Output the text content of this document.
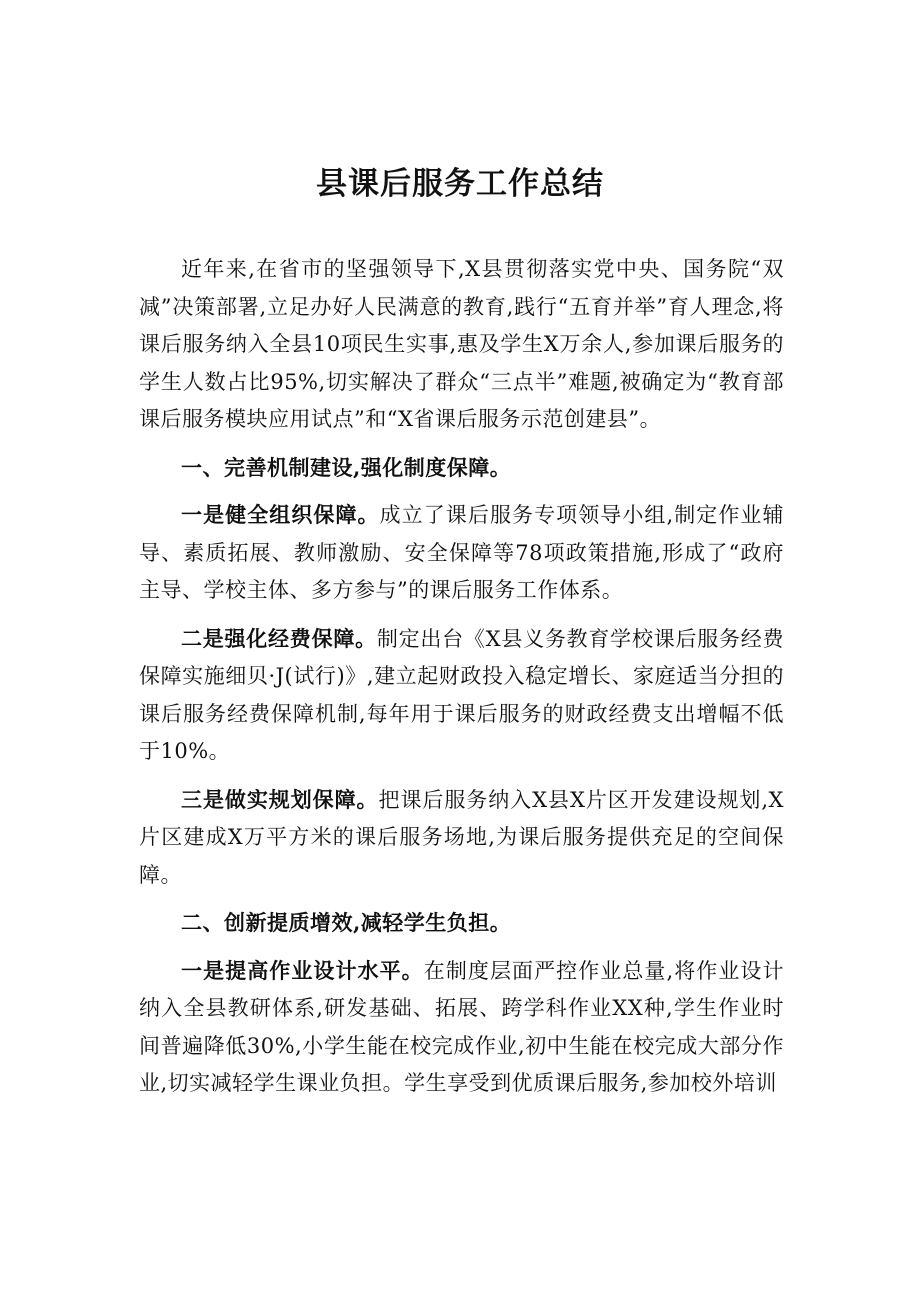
县课后服务工作总结

近年来,在省市的坚强领导下,X县贯彻落实党中央、国务院“双减”决策部署,立足办好人民满意的教育,践行“五育并举”育人理念,将课后服务纳入全县10项民生实事,惠及学生X万余人,参加课后服务的学生人数占比95%,切实解决了群众“三点半”难题,被确定为“教育部课后服务模块应用试点”和“X省课后服务示范创建县”。

一、完善机制建设,强化制度保障。

一是健全组织保障。成立了课后服务专项领导小组,制定作业辅导、素质拓展、教师激励、安全保障等78项政策措施,形成了“政府主导、学校主体、多方参与”的课后服务工作体系。

二是强化经费保障。制定出台《X县义务教育学校课后服务经费保障实施细贝·J(试行)》,建立起财政投入稳定增长、家庭适当分担的课后服务经费保障机制,每年用于课后服务的财政经费支出增幅不低于10%。

三是做实规划保障。把课后服务纳入X县X片区开发建设规划,X片区建成X万平方米的课后服务场地,为课后服务提供充足的空间保障。

二、创新提质增效,减轻学生负担。

一是提高作业设计水平。在制度层面严控作业总量,将作业设计纳入全县教研体系,研发基础、拓展、跨学科作业XX种,学生作业时间普遍降低30%,小学生能在校完成作业,初中生能在校完成大部分作业,切实减轻学生课业负担。学生享受到优质课后服务,参加校外培训
